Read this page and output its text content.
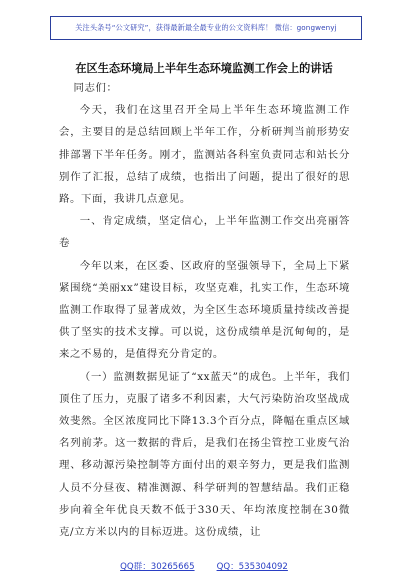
关注头条号“公文研究”，获得最新最全最专业的公文资料库！ 微信：gongwenyj
在区生态环境局上半年生态环境监测工作会上的讲话

同志们：

今天，我们在这里召开全局上半年生态环境监测工作会，主要目的是总结回顾上半年工作，分析研判当前形势安排部署下半年任务。刚才，监测站各科室负责同志和站长分别作了汇报，总结了成绩，也指出了问题，提出了很好的思路。下面，我讲几点意见。

一、肯定成绩，坚定信心，上半年监测工作交出亮丽答卷

今年以来，在区委、区政府的坚强领导下，全局上下紧紧围绕“美丽xx”建设目标，攻坚克难，扎实工作，生态环境监测工作取得了显著成效，为全区生态环境质量持续改善提供了坚实的技术支撑。可以说，这份成绩单是沉甸甸的，是来之不易的，是值得充分肯定的。

（一）监测数据见证了“xx蓝天”的成色。上半年，我们顶住了压力，克服了诸多不利因素，大气污染防治攻坚战成效斐然。全区浓度同比下降13.3个百分点，降幅在重点区域名列前茅。这一数据的背后，是我们在扬尘管控工业废气治理、移动源污染控制等方面付出的艰辛努力，更是我们监测人员不分昼夜、精准测源、科学研判的智慧结晶。我们正稳步向着全年优良天数不低于330天、年均浓度控制在30微克/立方米以内的目标迈进。这份成绩，让

QQ群：30265665	QQ：535304092
